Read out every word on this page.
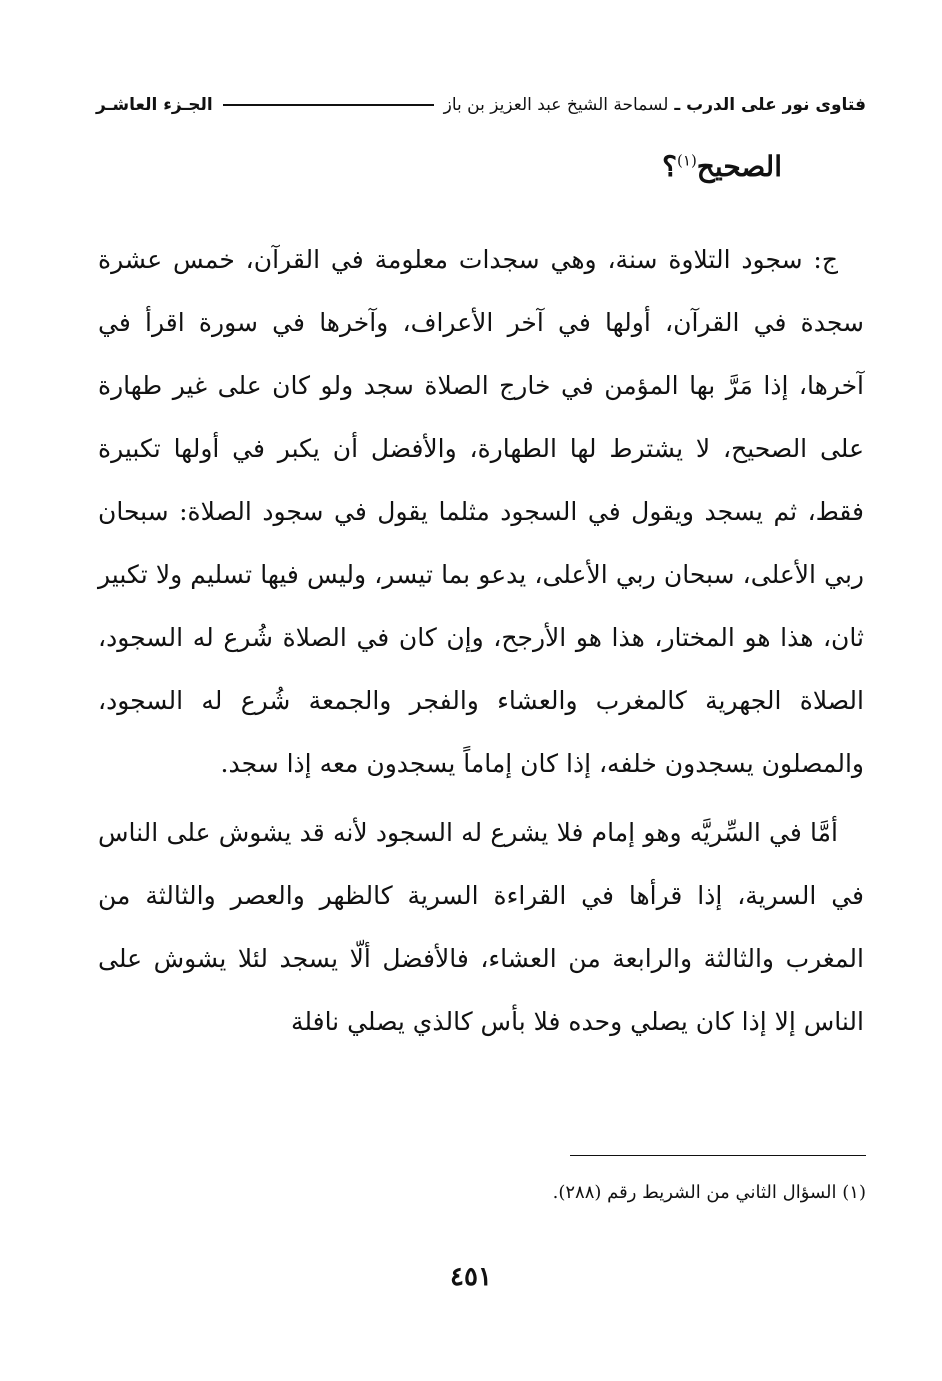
فتاوى نور على الدرب ـ
لسماحة الشيخ عبد العزيز بن باز
الجـزء العاشـر
الصحيح$^{(١)}$؟

ج: سجود التلاوة سنة، وهي سجدات معلومة في القرآن، خمس عشرة سجدة في القرآن، أولها في آخر الأعراف، وآخرها في سورة اقرأ في آخرها، إذا مَرَّ بها المؤمن في خارج الصلاة سجد ولو كان على غير طهارة على الصحيح، لا يشترط لها الطهارة، والأفضل أن يكبر في أولها تكبيرة فقط، ثم يسجد ويقول في السجود مثلما يقول في سجود الصلاة: سبحان ربي الأعلى، سبحان ربي الأعلى، يدعو بما تيسر، وليس فيها تسليم ولا تكبير ثان، هذا هو المختار، هذا هو الأرجح، وإن كان في الصلاة شُرع له السجود، الصلاة الجهرية كالمغرب والعشاء والفجر والجمعة شُرع له السجود، والمصلون يسجدون خلفه، إذا كان إماماً يسجدون معه إذا سجد.

أمَّا في السِّريَّه وهو إمام فلا يشرع له السجود لأنه قد يشوش على الناس في السرية، إذا قرأها في القراءة السرية كالظهر والعصر والثالثة من المغرب والثالثة والرابعة من العشاء، فالأفضل ألّا يسجد لئلا يشوش على الناس إلا إذا كان يصلي وحده فلا بأس كالذي يصلي نافلة

(١) السؤال الثاني من الشريط رقم (٢٨٨).
٤٥١
